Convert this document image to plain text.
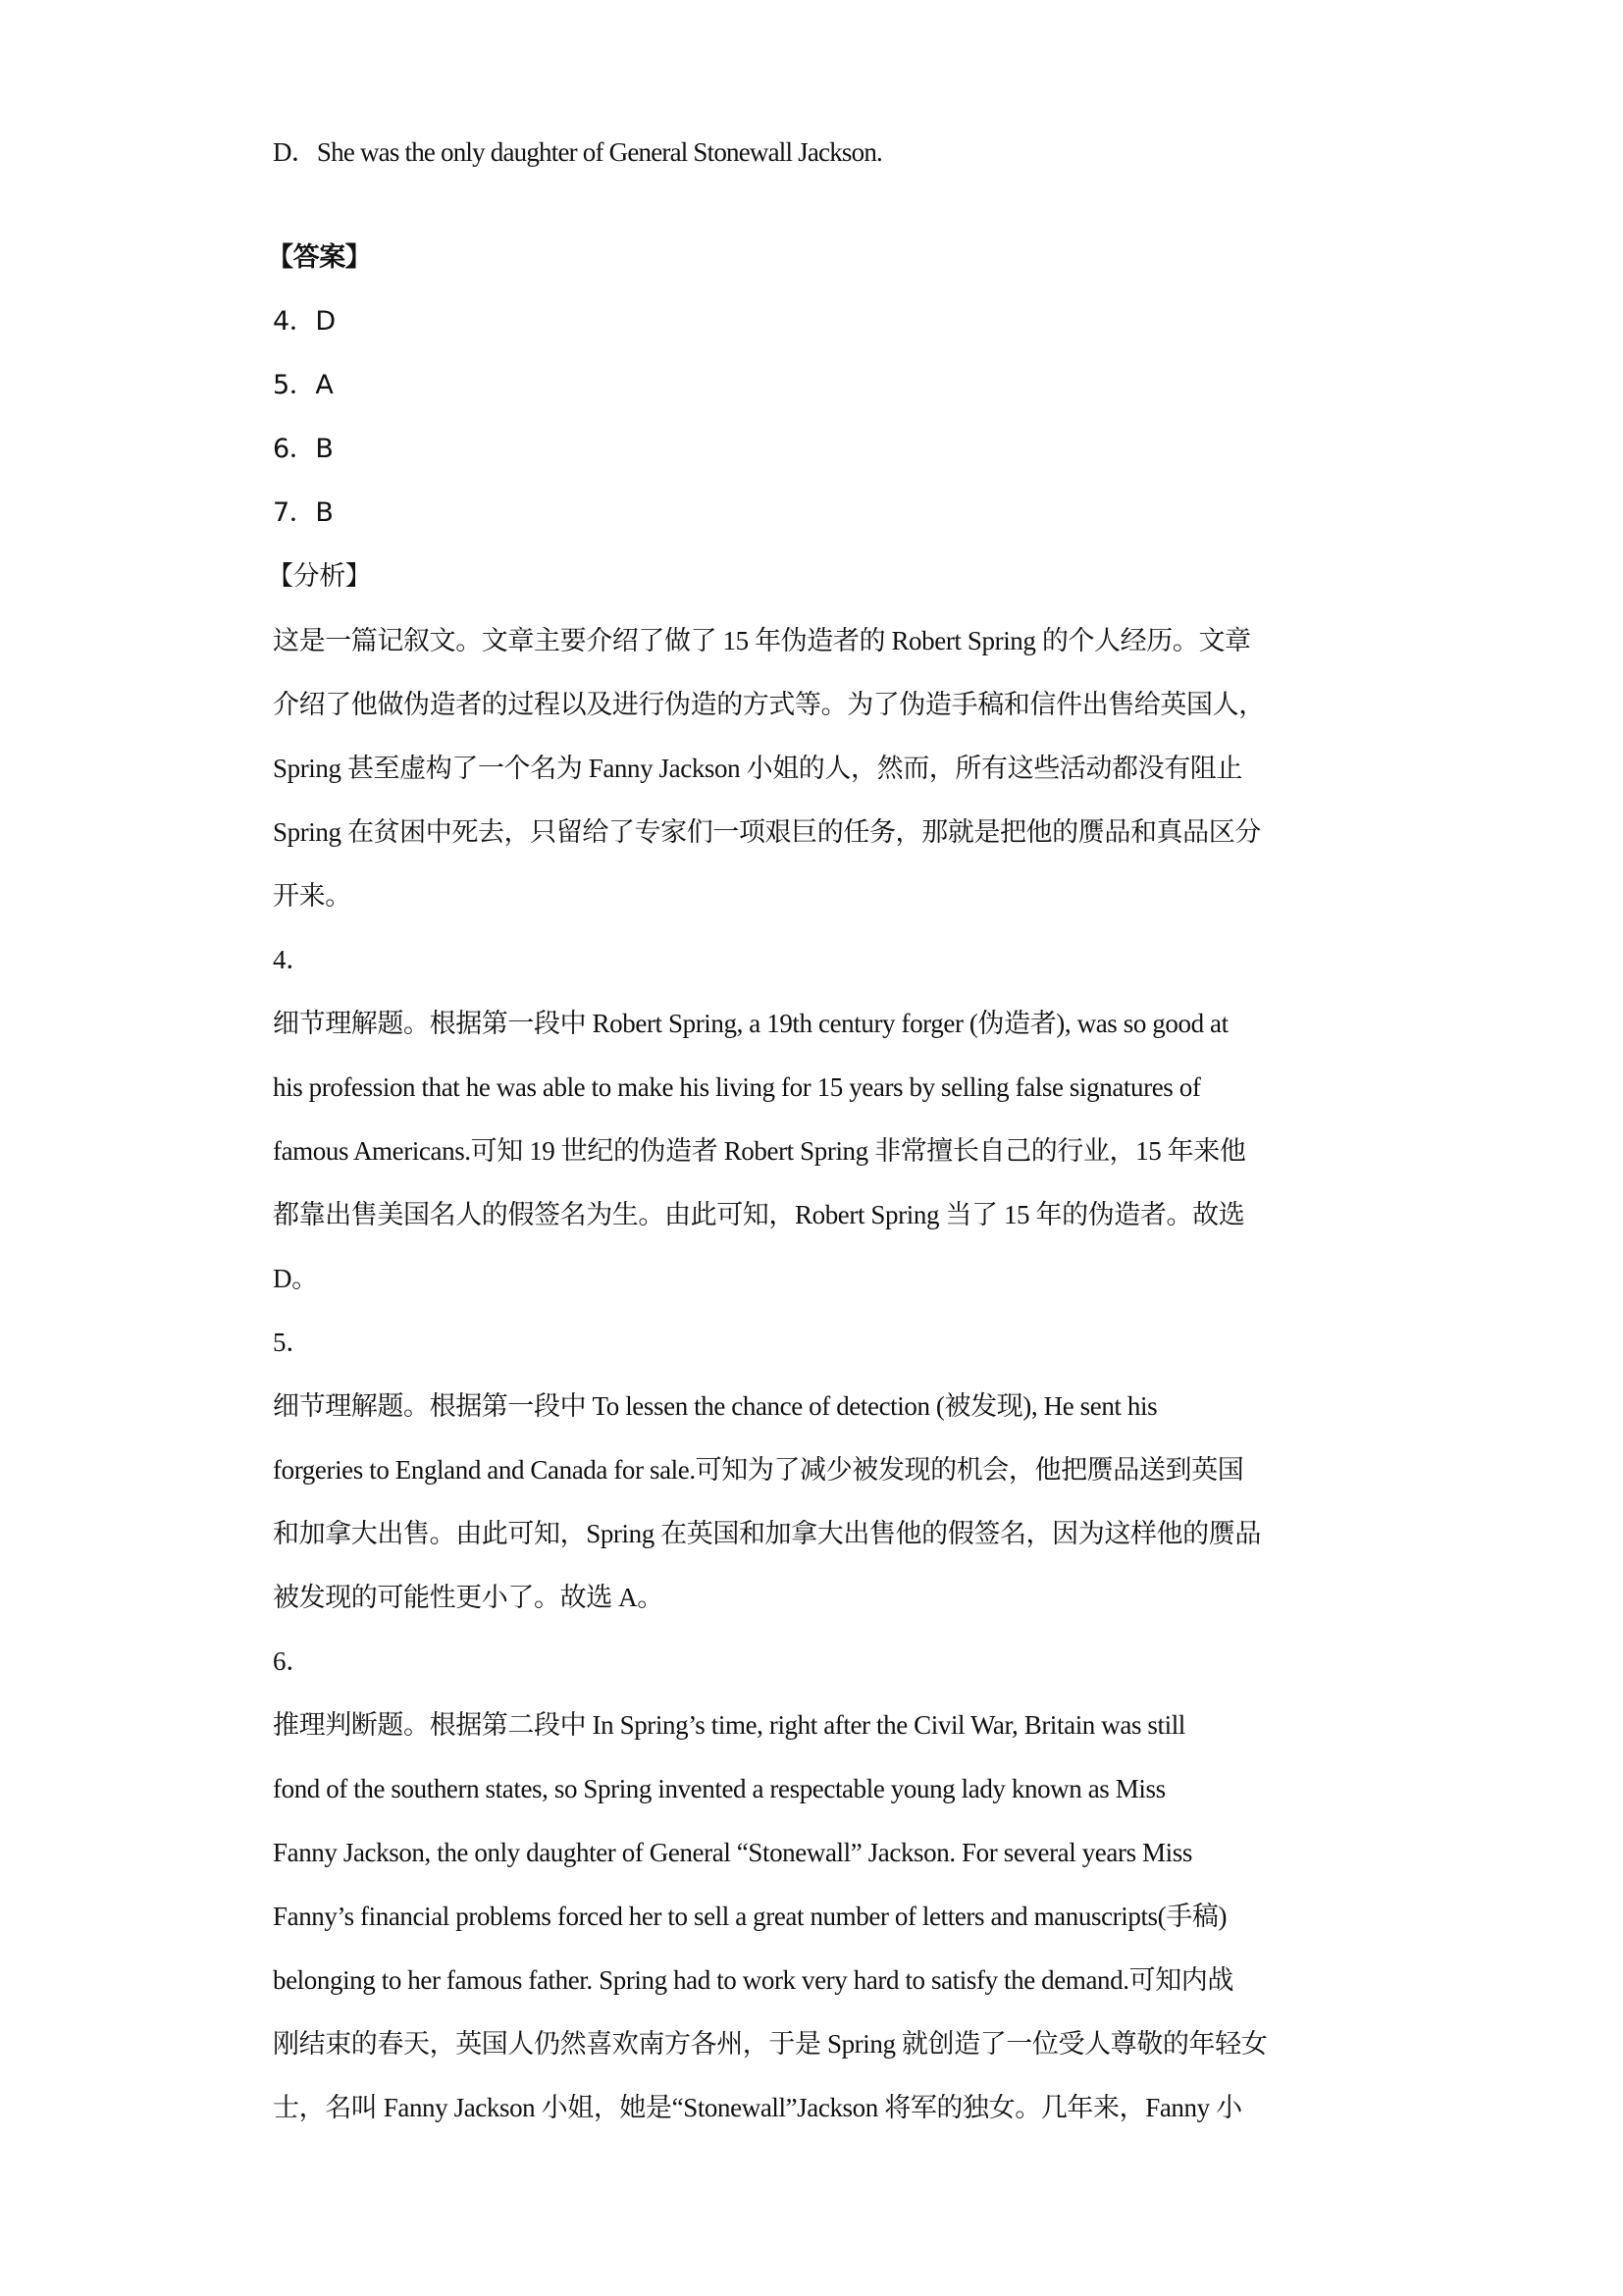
D．She was the only daughter of General Stonewall Jackson.
【答案】
4．D
5．A
6．B
7．B
【分析】
这是一篇记叙文。文章主要介绍了做了 15 年伪造者的 Robert Spring 的个人经历。文章
介绍了他做伪造者的过程以及进行伪造的方式等。为了伪造手稿和信件出售给英国人，
Spring 甚至虚构了一个名为 Fanny Jackson 小姐的人，然而，所有这些活动都没有阻止
Spring 在贫困中死去，只留给了专家们一项艰巨的任务，那就是把他的赝品和真品区分
开来。
4．
细节理解题。根据第一段中 Robert Spring, a 19th century forger (伪造者), was so good at
his profession that he was able to make his living for 15 years by selling false signatures of
famous Americans.可知 19 世纪的伪造者 Robert Spring 非常擅长自己的行业，15 年来他
都靠出售美国名人的假签名为生。由此可知，Robert Spring 当了 15 年的伪造者。故选
D。
5．
细节理解题。根据第一段中 To lessen the chance of detection (被发现), He sent his
forgeries to England and Canada for sale.可知为了减少被发现的机会，他把赝品送到英国
和加拿大出售。由此可知，Spring 在英国和加拿大出售他的假签名，因为这样他的赝品
被发现的可能性更小了。故选 A。
6．
推理判断题。根据第二段中 In Spring’s time, right after the Civil War, Britain was still
fond of the southern states, so Spring invented a respectable young lady known as Miss
Fanny Jackson, the only daughter of General “Stonewall” Jackson. For several years Miss
Fanny’s financial problems forced her to sell a great number of letters and manuscripts(手稿)
belonging to her famous father. Spring had to work very hard to satisfy the demand.可知内战
刚结束的春天，英国人仍然喜欢南方各州，于是 Spring 就创造了一位受人尊敬的年轻女
士，名叫 Fanny Jackson 小姐，她是“Stonewall”Jackson 将军的独女。几年来，Fanny 小
